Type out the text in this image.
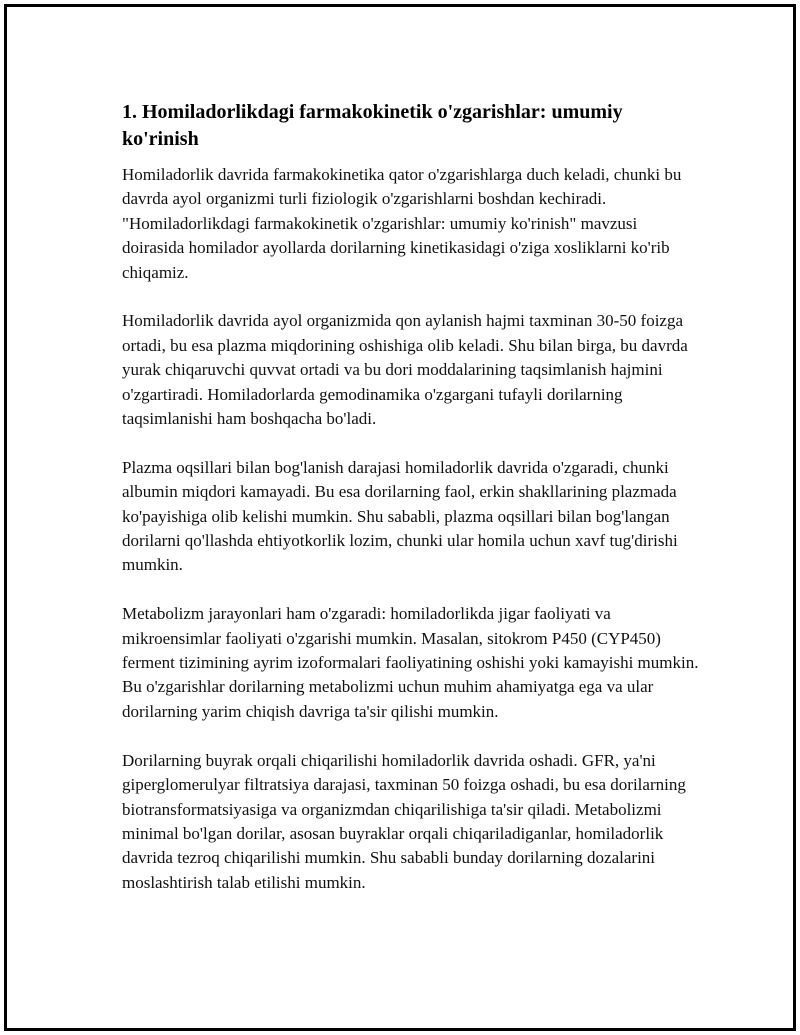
1. Homiladorlikdagi farmakokinetik o'zgarishlar: umumiy ko'rinish

Homiladorlik davrida farmakokinetika qator o'zgarishlarga duch keladi, chunki bu davrda ayol organizmi turli fiziologik o'zgarishlarni boshdan kechiradi. "Homiladorlikdagi farmakokinetik o'zgarishlar: umumiy ko'rinish" mavzusi doirasida homilador ayollarda dorilarning kinetikasidagi o'ziga xosliklarni ko'rib chiqamiz.

Homiladorlik davrida ayol organizmida qon aylanish hajmi taxminan 30-50 foizga ortadi, bu esa plazma miqdorining oshishiga olib keladi. Shu bilan birga, bu davrda yurak chiqaruvchi quvvat ortadi va bu dori moddalarining taqsimlanish hajmini o'zgartiradi. Homiladorlarda gemodinamika o'zgargani tufayli dorilarning taqsimlanishi ham boshqacha bo'ladi.

Plazma oqsillari bilan bog'lanish darajasi homiladorlik davrida o'zgaradi, chunki albumin miqdori kamayadi. Bu esa dorilarning faol, erkin shakllarining plazmada ko'payishiga olib kelishi mumkin. Shu sababli, plazma oqsillari bilan bog'langan dorilarni qo'llashda ehtiyotkorlik lozim, chunki ular homila uchun xavf tug'dirishi mumkin.

Metabolizm jarayonlari ham o'zgaradi: homiladorlikda jigar faoliyati va mikroensimlar faoliyati o'zgarishi mumkin. Masalan, sitokrom P450 (CYP450) ferment tizimining ayrim izoformalari faoliyatining oshishi yoki kamayishi mumkin. Bu o'zgarishlar dorilarning metabolizmi uchun muhim ahamiyatga ega va ular dorilarning yarim chiqish davriga ta'sir qilishi mumkin.

Dorilarning buyrak orqali chiqarilishi homiladorlik davrida oshadi. GFR, ya'ni giperglomerulyar filtratsiya darajasi, taxminan 50 foizga oshadi, bu esa dorilarning biotransformatsiyasiga va organizmdan chiqarilishiga ta'sir qiladi. Metabolizmi minimal bo'lgan dorilar, asosan buyraklar orqali chiqariladiganlar, homiladorlik davrida tezroq chiqarilishi mumkin. Shu sababli bunday dorilarning dozalarini moslashtirish talab etilishi mumkin.
